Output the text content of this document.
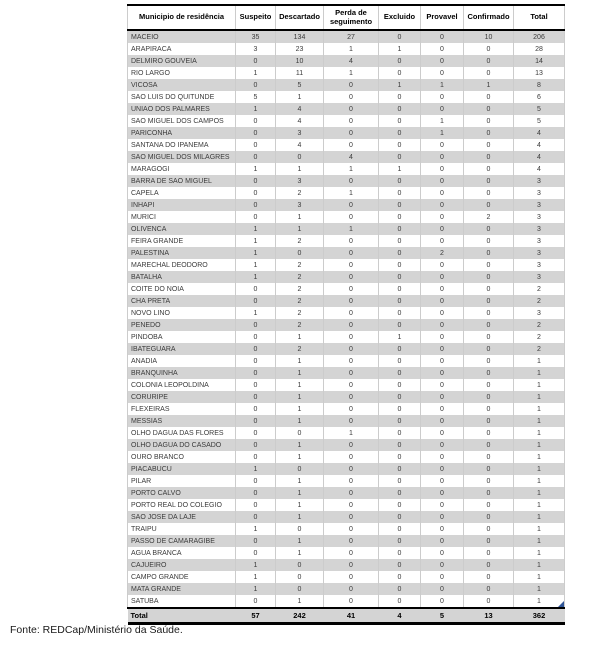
Municipio de residência	Suspeito	Descartado	Perda de seguimento	Excluido	Provavel	Confirmado	Total
MACEIO	35	134	27	0	0	10	206
ARAPIRACA	3	23	1	1	0	0	28
DELMIRO GOUVEIA	0	10	4	0	0	0	14
RIO LARGO	1	11	1	0	0	0	13
VICOSA	0	5	0	1	1	1	8
SAO LUIS DO QUITUNDE	5	1	0	0	0	0	6
UNIAO DOS PALMARES	1	4	0	0	0	0	5
SAO MIGUEL DOS CAMPOS	0	4	0	0	1	0	5
PARICONHA	0	3	0	0	1	0	4
SANTANA DO IPANEMA	0	4	0	0	0	0	4
SAO MIGUEL DOS MILAGRES	0	0	4	0	0	0	4
MARAGOGI	1	1	1	1	0	0	4
BARRA DE SAO MIGUEL	0	3	0	0	0	0	3
CAPELA	0	2	1	0	0	0	3
INHAPI	0	3	0	0	0	0	3
MURICI	0	1	0	0	0	2	3
OLIVENCA	1	1	1	0	0	0	3
FEIRA GRANDE	1	2	0	0	0	0	3
PALESTINA	1	0	0	0	2	0	3
MARECHAL DEODORO	1	2	0	0	0	0	3
BATALHA	1	2	0	0	0	0	3
COITE DO NOIA	0	2	0	0	0	0	2
CHA PRETA	0	2	0	0	0	0	2
NOVO LINO	1	2	0	0	0	0	3
PENEDO	0	2	0	0	0	0	2
PINDOBA	0	1	0	1	0	0	2
IBATEGUARA	0	2	0	0	0	0	2
ANADIA	0	1	0	0	0	0	1
BRANQUINHA	0	1	0	0	0	0	1
COLONIA LEOPOLDINA	0	1	0	0	0	0	1
CORURIPE	0	1	0	0	0	0	1
FLEXEIRAS	0	1	0	0	0	0	1
MESSIAS	0	1	0	0	0	0	1
OLHO DAGUA DAS FLORES	0	0	1	0	0	0	1
OLHO DAGUA DO CASADO	0	1	0	0	0	0	1
OURO BRANCO	0	1	0	0	0	0	1
PIACABUCU	1	0	0	0	0	0	1
PILAR	0	1	0	0	0	0	1
PORTO CALVO	0	1	0	0	0	0	1
PORTO REAL DO COLEGIO	0	1	0	0	0	0	1
SAO JOSE DA LAJE	0	1	0	0	0	0	1
TRAIPU	1	0	0	0	0	0	1
PASSO DE CAMARAGIBE	0	1	0	0	0	0	1
AGUA BRANCA	0	1	0	0	0	0	1
CAJUEIRO	1	0	0	0	0	0	1
CAMPO GRANDE	1	0	0	0	0	0	1
MATA GRANDE	1	0	0	0	0	0	1
SATUBA	0	1	0	0	0	0	1
Total	57	242	41	4	5	13	362
Fonte: REDCap/Ministério da Saúde.
